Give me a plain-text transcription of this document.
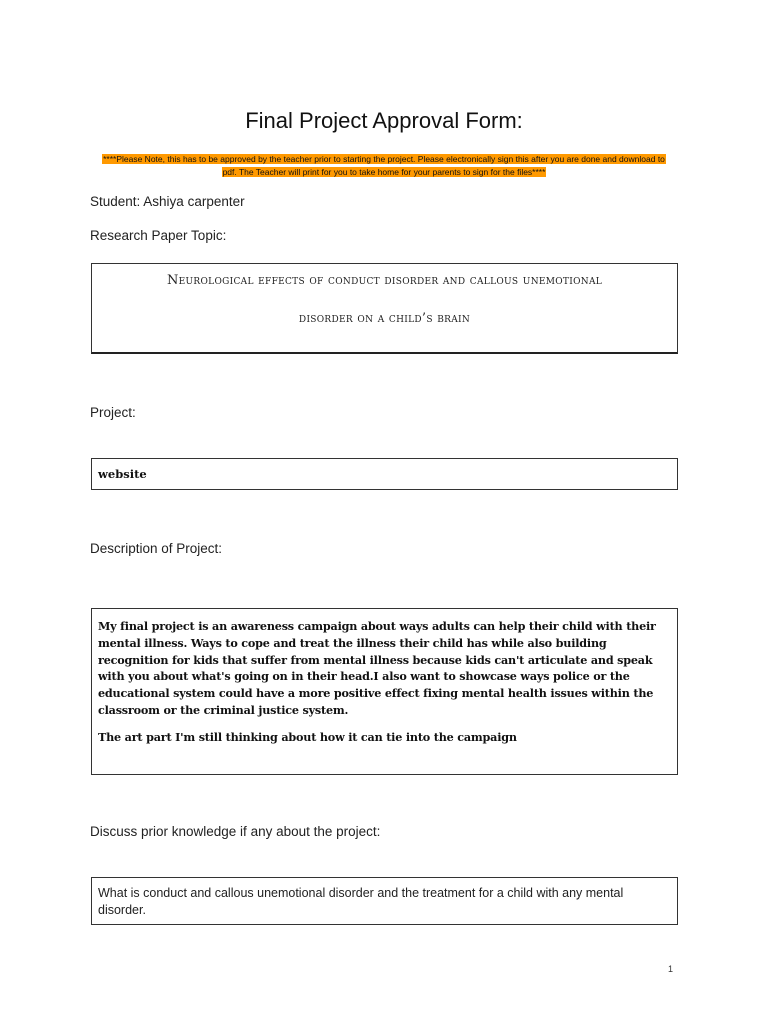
Final Project Approval Form:
****Please Note, this has to be approved by the teacher prior to starting the project. Please electronically sign this after you are done and download to
pdf. The Teacher will print for you to take home for your parents to sign for the files****
Student: Ashiya carpenter
Research Paper Topic:
Neurological effects of conduct disorder and callous unemotional
disorder on a child’s brain
Project:
website
Description of Project:

My final project is an awareness campaign about ways adults can help their child with their mental illness. Ways to cope and treat the illness their child has while also building recognition for kids that suffer from mental illness because kids can't articulate and speak with you about what's going on in their head.I also want to showcase ways police or the educational system could have a more positive effect fixing mental health issues within the classroom or the criminal justice system.

The art part I'm still thinking about how it can tie into the campaign

Discuss prior knowledge if any about the project:
What is conduct and callous unemotional disorder and the treatment for a child with any mental disorder.
1
